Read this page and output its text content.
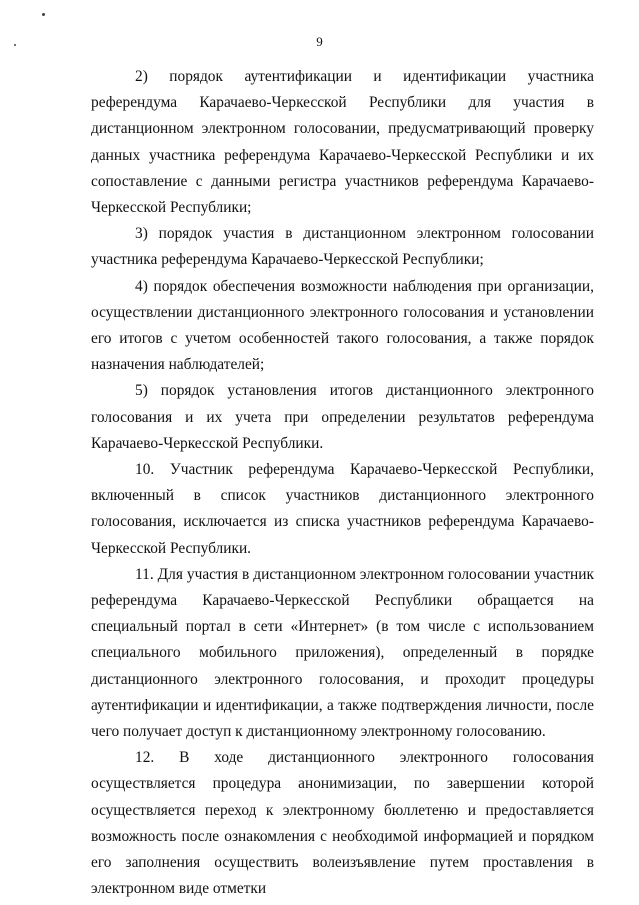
9

2) порядок аутентификации и идентификации участника референдума Карачаево-Черкесской Республики для участия в дистанционном электронном голосовании, предусматривающий проверку данных участника референдума Карачаево-Черкесской Республики и их сопоставление с данными регистра участников референдума Карачаево-Черкесской Республики;

3) порядок участия в дистанционном электронном голосовании участника референдума Карачаево-Черкесской Республики;

4) порядок обеспечения возможности наблюдения при организации, осуществлении дистанционного электронного голосования и установлении его итогов с учетом особенностей такого голосования, а также порядок назначения наблюдателей;

5) порядок установления итогов дистанционного электронного голосования и их учета при определении результатов референдума Карачаево-Черкесской Республики.

10. Участник референдума Карачаево-Черкесской Республики, включенный в список участников дистанционного электронного голосования, исключается из списка участников референдума Карачаево-Черкесской Республики.

11. Для участия в дистанционном электронном голосовании участник референдума Карачаево-Черкесской Республики обращается на специальный портал в сети «Интернет» (в том числе с использованием специального мобильного приложения), определенный в порядке дистанционного электронного голосования, и проходит процедуры аутентификации и идентификации, а также подтверждения личности, после чего получает доступ к дистанционному электронному голосованию.

12. В ходе дистанционного электронного голосования осуществляется процедура анонимизации, по завершении которой осуществляется переход к электронному бюллетеню и предоставляется возможность после ознакомления с необходимой информацией и порядком его заполнения осуществить волеизъявление путем проставления в электронном виде отметки
